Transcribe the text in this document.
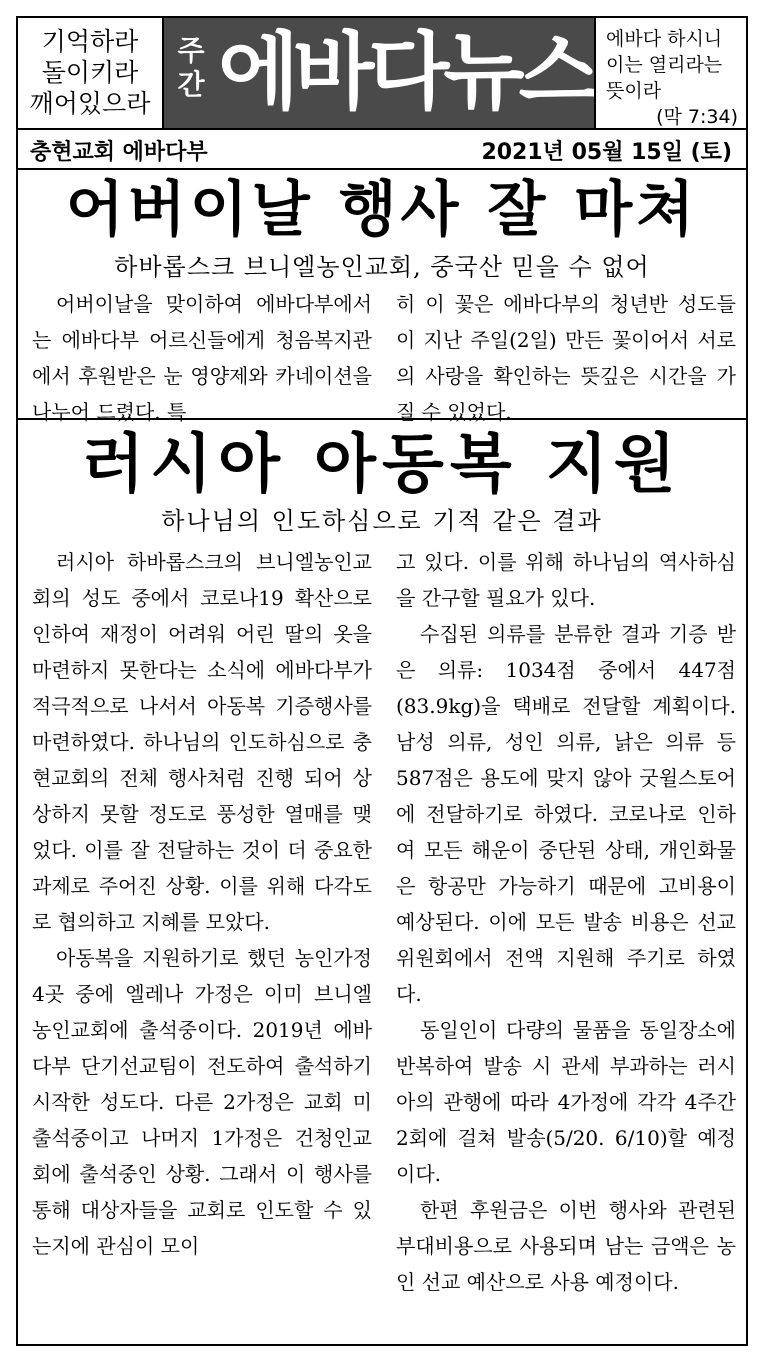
기억하라
돌이키라
깨어있으라
주간 에바다뉴스 에바다 하시니 이는 열리라는 뜻이라
(막 7:34)
충현교회 에바다부	2021년 05월 15일 (토)
어버이날 행사 잘 마쳐
하바롭스크 브니엘농인교회, 중국산 믿을 수 없어

어버이날을 맞이하여 에바다부에서는 에바다부 어르신들에게 청음복지관에서 후원받은 눈 영양제와 카네이션을 나누어 드렸다. 특

히 이 꽃은 에바다부의 청년반 성도들이 지난 주일(2일) 만든 꽃이어서 서로의 사랑을 확인하는 뜻깊은 시간을 가질 수 있었다.

러시아 아동복 지원
하나님의 인도하심으로 기적 같은 결과

러시아 하바롭스크의 브니엘농인교회의 성도 중에서 코로나19 확산으로 인하여 재정이 어려워 어린 딸의 옷을 마련하지 못한다는 소식에 에바다부가 적극적으로 나서서 아동복 기증행사를 마련하였다. 하나님의 인도하심으로 충현교회의 전체 행사처럼 진행 되어 상상하지 못할 정도로 풍성한 열매를 맺었다. 이를 잘 전달하는 것이 더 중요한 과제로 주어진 상황. 이를 위해 다각도로 협의하고 지혜를 모았다.

아동복을 지원하기로 했던 농인가정 4곳 중에 엘레나 가정은 이미 브니엘 농인교회에 출석중이다. 2019년 에바다부 단기선교팀이 전도하여 출석하기 시작한 성도다. 다른 2가정은 교회 미출석중이고 나머지 1가정은 건청인교회에 출석중인 상황. 그래서 이 행사를 통해 대상자들을 교회로 인도할 수 있는지에 관심이 모이

고 있다. 이를 위해 하나님의 역사하심을 간구할 필요가 있다.

수집된 의류를 분류한 결과 기증 받은 의류: 1034점 중에서 447점(83.9kg)을 택배로 전달할 계획이다. 남성 의류, 성인 의류, 낡은 의류 등 587점은 용도에 맞지 않아 굿윌스토어에 전달하기로 하였다. 코로나로 인하여 모든 해운이 중단된 상태, 개인화물은 항공만 가능하기 때문에 고비용이 예상된다. 이에 모든 발송 비용은 선교위원회에서 전액 지원해 주기로 하였다.

동일인이 다량의 물품을 동일장소에 반복하여 발송 시 관세 부과하는 러시아의 관행에 따라 4가정에 각각 4주간 2회에 걸쳐 발송(5/20. 6/10)할 예정이다.

한편 후원금은 이번 행사와 관련된 부대비용으로 사용되며 남는 금액은 농인 선교 예산으로 사용 예정이다.
